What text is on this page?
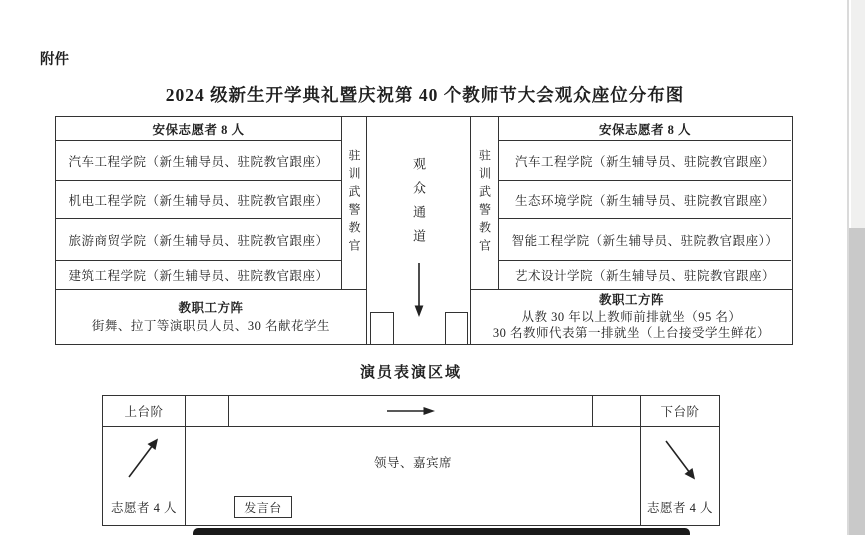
附件
2024 级新生开学典礼暨庆祝第 40 个教师节大会观众座位分布图
安保志愿者 8 人
汽车工程学院（新生辅导员、驻院教官跟座）
机电工程学院（新生辅导员、驻院教官跟座）
旅游商贸学院（新生辅导员、驻院教官跟座）
建筑工程学院（新生辅导员、驻院教官跟座）
教职工方阵
街舞、拉丁等演职员人员、30 名献花学生
驻训武警教官	观众通道	驻训武警教官
安保志愿者 8 人
汽车工程学院（新生辅导员、驻院教官跟座）
生态环境学院（新生辅导员、驻院教官跟座）
智能工程学院（新生辅导员、驻院教官跟座））
艺术设计学院（新生辅导员、驻院教官跟座）
教职工方阵
从教 30 年以上教师前排就坐（95 名）
30 名教师代表第一排就坐（上台接受学生鲜花）
演员表演区域
上台阶	下台阶
志愿者 4 人
领导、嘉宾席
发言台	志愿者 4 人
